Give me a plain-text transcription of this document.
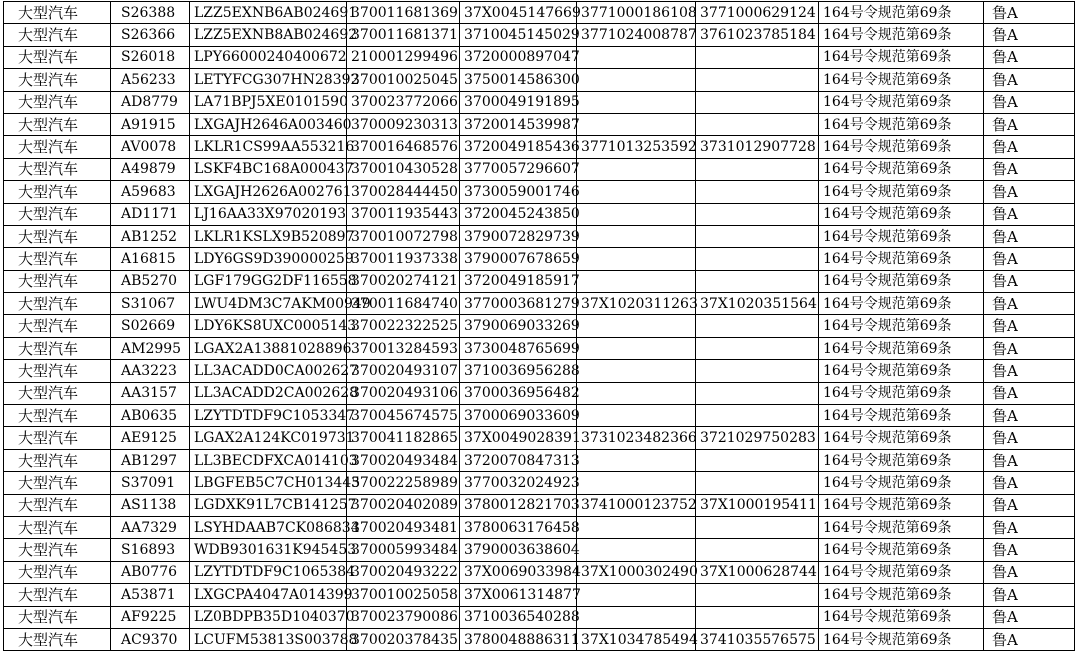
大型汽车	S26388	LZZ5EXNB6AB024691	370011681369	37X0045147669	3771000186108	3771000629124	164号令规范第69条	鲁A
大型汽车	S26366	LZZ5EXNB8AB024692	370011681371	3710045145029	3771024008787	3761023785184	164号令规范第69条	鲁A
大型汽车	S26018	LPY66000240400672	210001299496	3720000897047			164号令规范第69条	鲁A
大型汽车	A56233	LETYFCG307HN28392	370010025045	3750014586300			164号令规范第69条	鲁A
大型汽车	AD8779	LA71BPJ5XE0101590	370023772066	3700049191895			164号令规范第69条	鲁A
大型汽车	A91915	LXGAJH2646A003460	370009230313	3720014539987			164号令规范第69条	鲁A
大型汽车	AV0078	LKLR1CS99AA553216	370016468576	3720049185436	3771013253592	3731012907728	164号令规范第69条	鲁A
大型汽车	A49879	LSKF4BC168A000437	370010430528	3770057296607			164号令规范第69条	鲁A
大型汽车	A59683	LXGAJH2626A002761	370028444450	3730059001746			164号令规范第69条	鲁A
大型汽车	AD1171	LJ16AA33X97020193	370011935443	3720045243850			164号令规范第69条	鲁A
大型汽车	AB1252	LKLR1KSLX9B520897	370010072798	3790072829739			164号令规范第69条	鲁A
大型汽车	A16815	LDY6GS9D390000259	370011937338	3790007678659			164号令规范第69条	鲁A
大型汽车	AB5270	LGF179GG2DF116558	370020274121	3720049185917			164号令规范第69条	鲁A
大型汽车	S31067	LWU4DM3C7AKM00949	370011684740	3770003681279	37X1020311263	37X1020351564	164号令规范第69条	鲁A
大型汽车	S02669	LDY6KS8UXC0005143	370022322525	3790069033269			164号令规范第69条	鲁A
大型汽车	AM2995	LGAX2A13881028896	370013284593	3730048765699			164号令规范第69条	鲁A
大型汽车	AA3223	LL3ACADD0CA002627	370020493107	3710036956288			164号令规范第69条	鲁A
大型汽车	AA3157	LL3ACADD2CA002628	370020493106	3700036956482			164号令规范第69条	鲁A
大型汽车	AB0635	LZYTDTDF9C1053347	370045674575	3700069033609			164号令规范第69条	鲁A
大型汽车	AE9125	LGAX2A124KC019731	370041182865	37X0049028391	3731023482366	3721029750283	164号令规范第69条	鲁A
大型汽车	AB1297	LL3BECDFXCA014103	370020493484	3720070847313			164号令规范第69条	鲁A
大型汽车	S37091	LBGFEB5C7CH013445	370022258989	3770032024923			164号令规范第69条	鲁A
大型汽车	AS1138	LGDXK91L7CB141257	370020402089	3780012821703	3741000123752	37X1000195411	164号令规范第69条	鲁A
大型汽车	AA7329	LSYHDAAB7CK086834	370020493481	3780063176458			164号令规范第69条	鲁A
大型汽车	S16893	WDB9301631K945453	370005993484	3790003638604			164号令规范第69条	鲁A
大型汽车	AB0776	LZYTDTDF9C1065384	370020493222	37X0069033984	37X1000302490	37X1000628744	164号令规范第69条	鲁A
大型汽车	A53871	LXGCPA4047A014399	370010025058	37X0061314877			164号令规范第69条	鲁A
大型汽车	AF9225	LZ0BDPB35D1040370	370023790086	3710036540288			164号令规范第69条	鲁A
大型汽车	AC9370	LCUFM53813S003788	370020378435	3780048886311	37X1034785494	3741035576575	164号令规范第69条	鲁A
